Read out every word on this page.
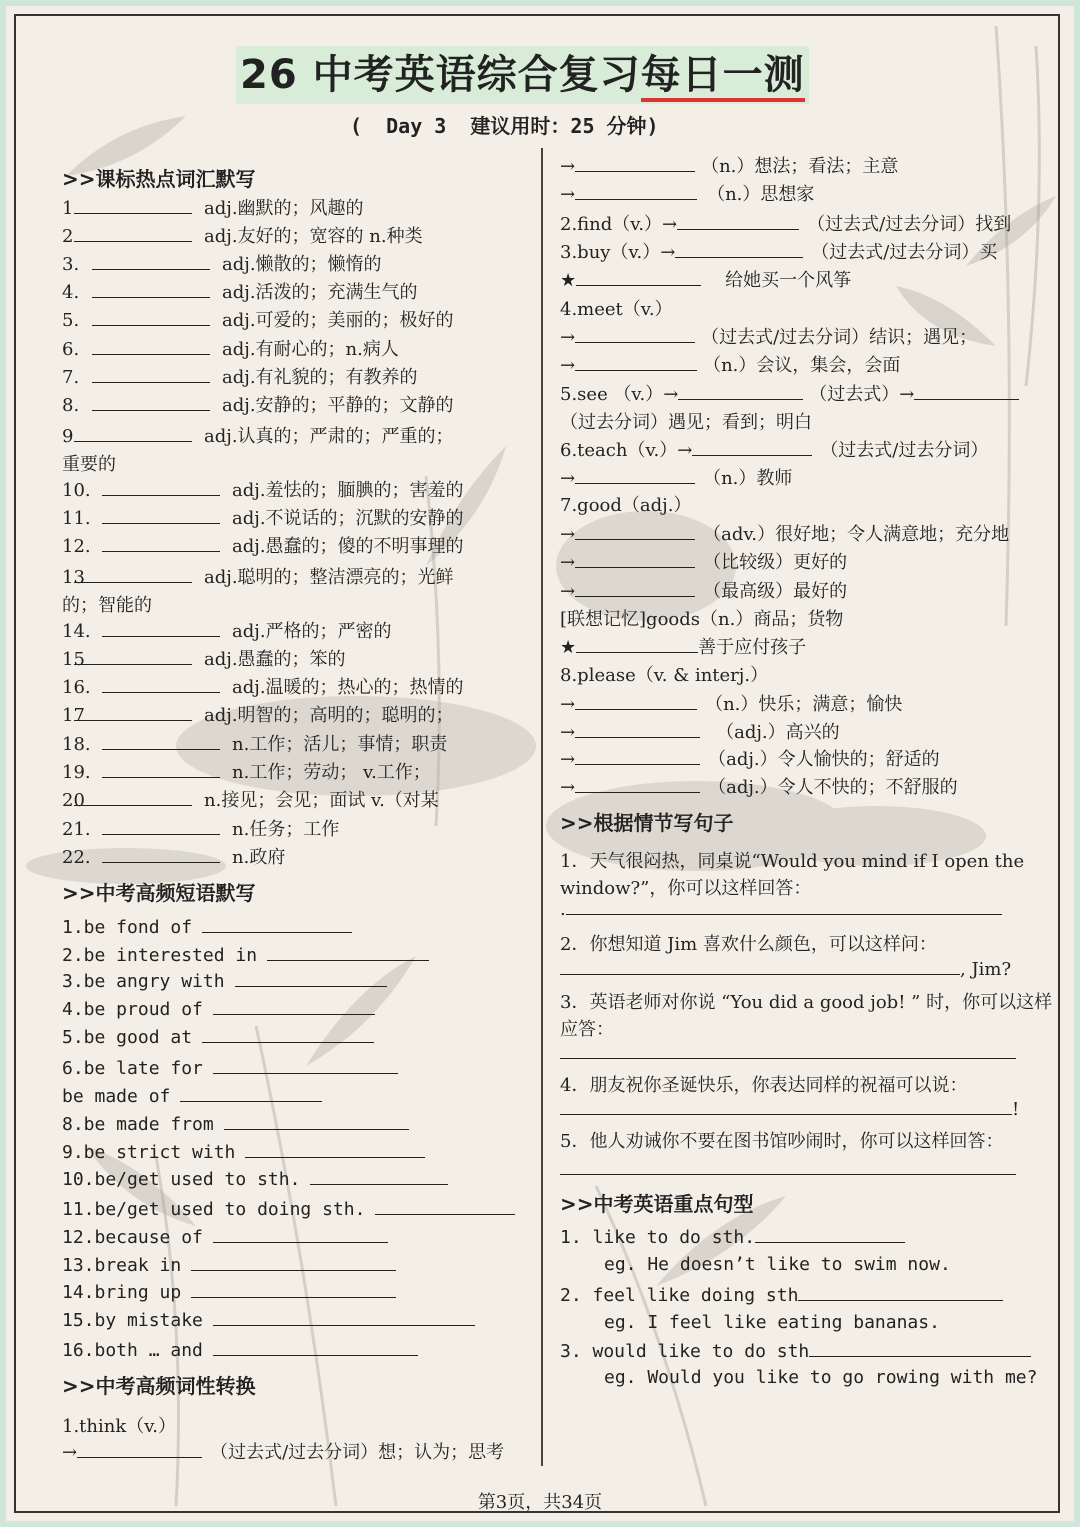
26 中考英语综合复习每日一测
(  Day 3  建议用时：25 分钟)
>>课标热点词汇默写
1	adj.幽默的；风趣的
2	adj.友好的；宽容的 n.种类
3.	adj.懒散的；懒惰的
4.	adj.活泼的；充满生气的
5.	adj.可爱的；美丽的；极好的
6.	adj.有耐心的；n.病人
7.	adj.有礼貌的；有教养的
8.	adj.安静的；平静的；文静的
9	adj.认真的；严肃的；严重的；
重要的
10.	adj.羞怯的；腼腆的；害羞的
11.	adj.不说话的；沉默的安静的
12.	adj.愚蠢的；傻的不明事理的
13	adj.聪明的；整洁漂亮的；光鲜
的；智能的
14.	adj.严格的；严密的
15	adj.愚蠢的；笨的
16.	adj.温暖的；热心的；热情的
17	adj.明智的；高明的；聪明的；
18.	n.工作；活儿；事情；职责
19.	n.工作；劳动； v.工作；
20	n.接见；会见；面试 v.（对某
21.	n.任务；工作
22.	n.政府
>>中考高频短语默写
1.be fond of
2.be interested in
3.be angry with
4.be proud of
5.be good at
6.be late for
be made of
8.be made from
9.be strict with
10.be/get used to sth.
11.be/get used to doing sth.
12.because of
13.break in
14.bring up
15.by mistake
16.both … and
>>中考高频词性转换
1.think（v.）
→	（过去式/过去分词）想；认为；思考
→	（n.）想法；看法；主意
→	（n.）思想家
2.find（v.）→	（过去式/过去分词）找到
3.buy（v.）→	（过去式/过去分词）买
★	给她买一个风筝
4.meet（v.）
→	（过去式/过去分词）结识；遇见；
→	（n.）会议，集会，会面
5.see （v.）→	（过去式）→
（过去分词）遇见；看到；明白
6.teach（v.）→	（过去式/过去分词）
→	（n.）教师
7.good（adj.）
→	（adv.）很好地；令人满意地；充分地
→	（比较级）更好的
→	（最高级）最好的
[联想记忆]goods（n.）商品；货物
★	善于应付孩子
8.please（v. & interj.）
→	（n.）快乐；满意；愉快
→	（adj.）高兴的
→	（adj.）令人愉快的；舒适的
→	（adj.）令人不快的；不舒服的
>>根据情节写句子
1．天气很闷热，同桌说“Would you mind if I open the
window?”，你可以这样回答：
.
2．你想知道 Jim 喜欢什么颜色，可以这样问：
, Jim?
3．英语老师对你说 “You did a good job! ” 时，你可以这样
应答：
4．朋友祝你圣诞快乐，你表达同样的祝福可以说：
!
5．他人劝诫你不要在图书馆吵闹时，你可以这样回答：
>>中考英语重点句型
1. like to do sth.
eg. He doesn’t like to swim now.
2. feel like doing sth
eg. I feel like eating bananas.
3. would like to do sth
eg. Would you like to go rowing with me?
第3页，共34页
